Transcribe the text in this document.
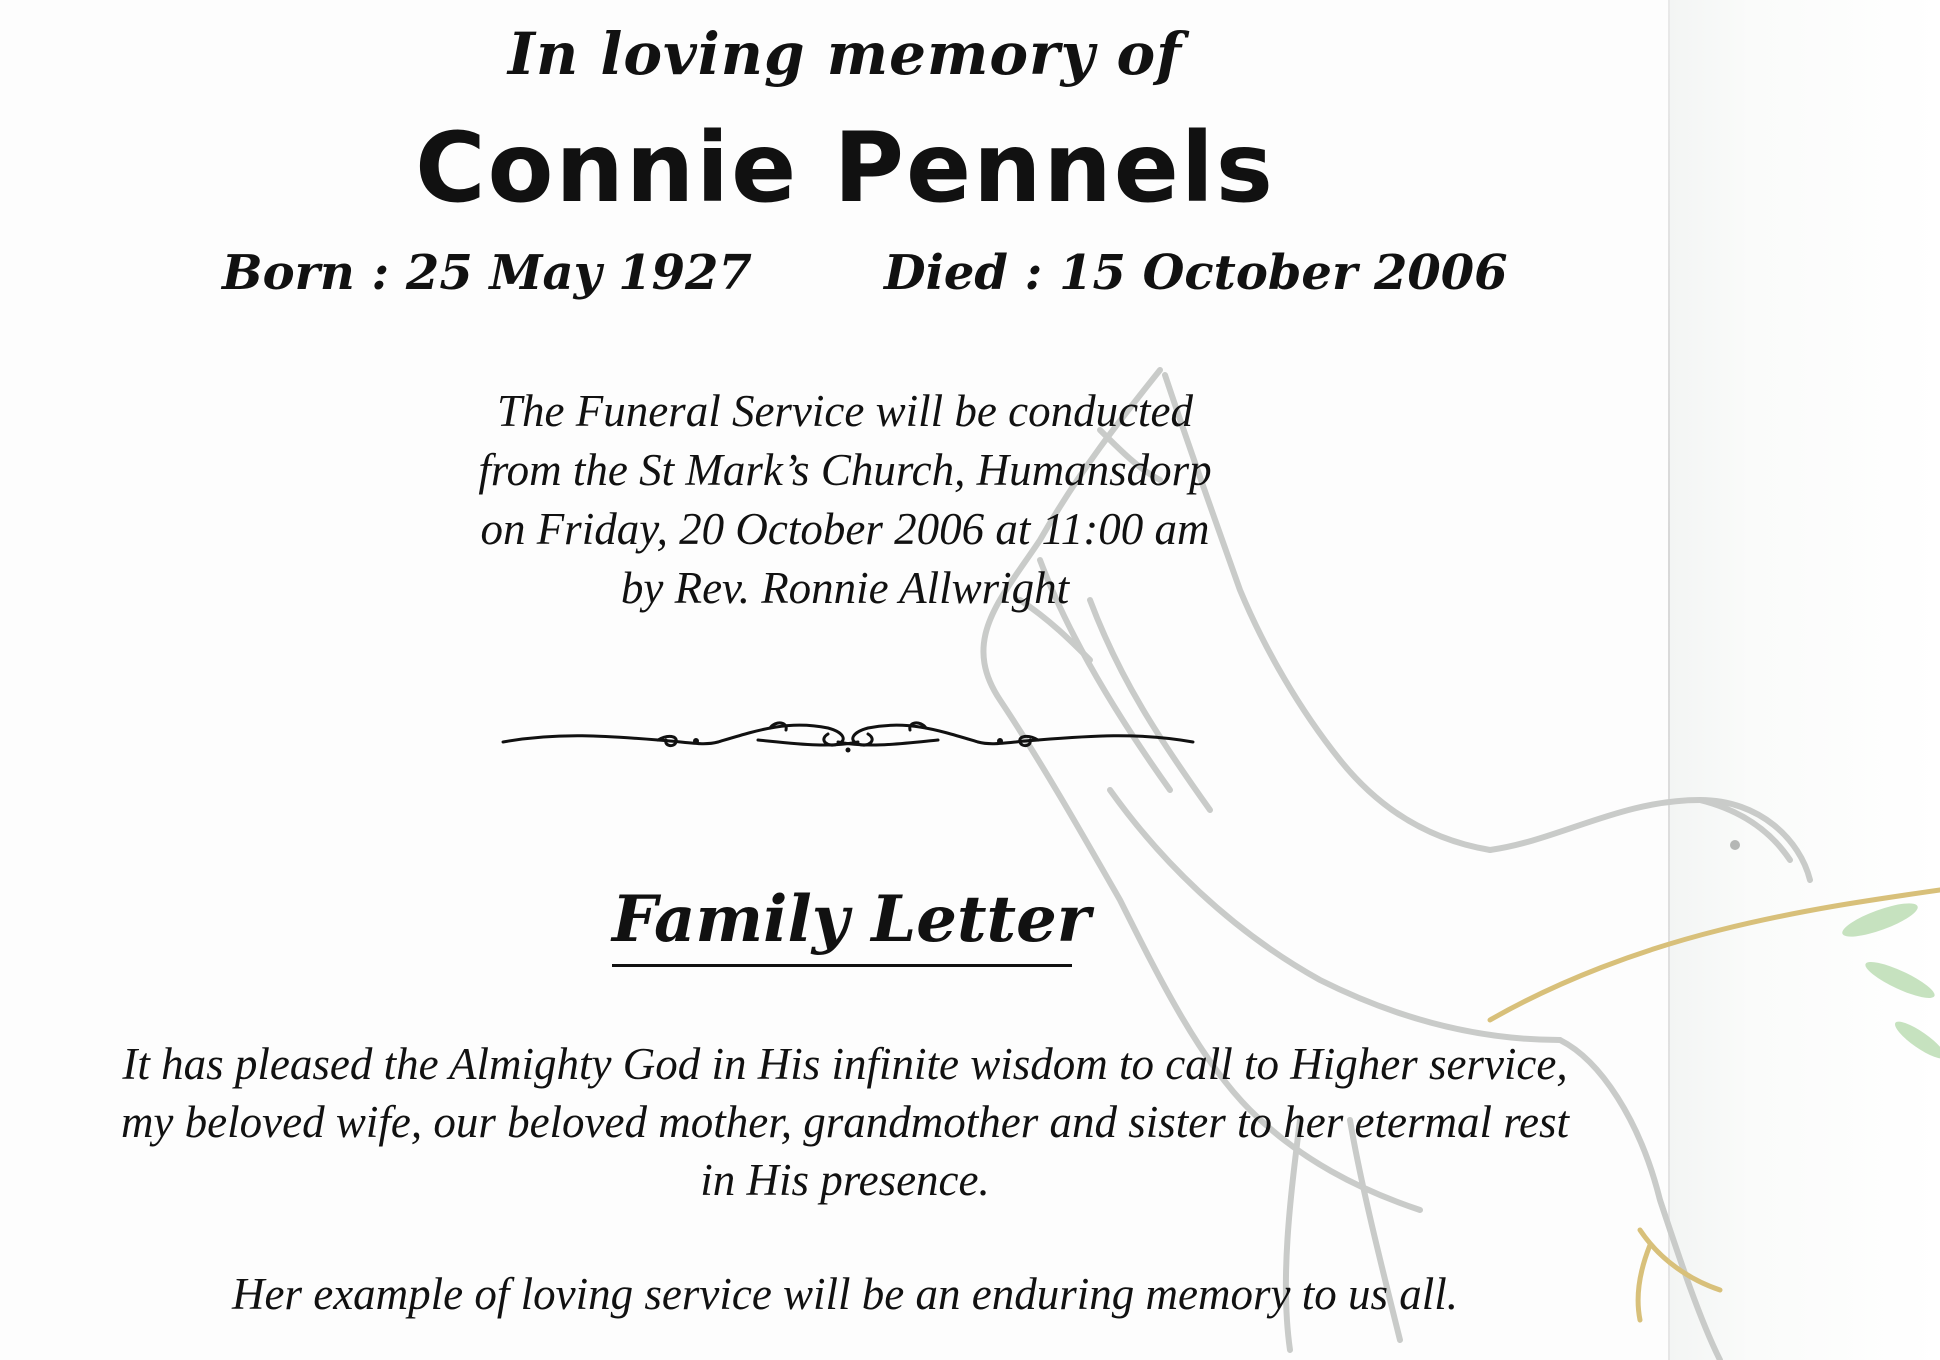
In loving memory of
Connie Pennels
Born : 25 May 1927	Died : 15 October 2006
The Funeral Service will be conducted
from the St Mark’s Church, Humansdorp
on Friday, 20 October 2006 at 11:00 am
by Rev. Ronnie Allwright
Family Letter
It has pleased the Almighty God in His infinite wisdom to call to Higher service,
my beloved wife, our beloved mother, grandmother and sister to her etermal rest
in His presence.
Her example of loving service will be an enduring memory to us all.
